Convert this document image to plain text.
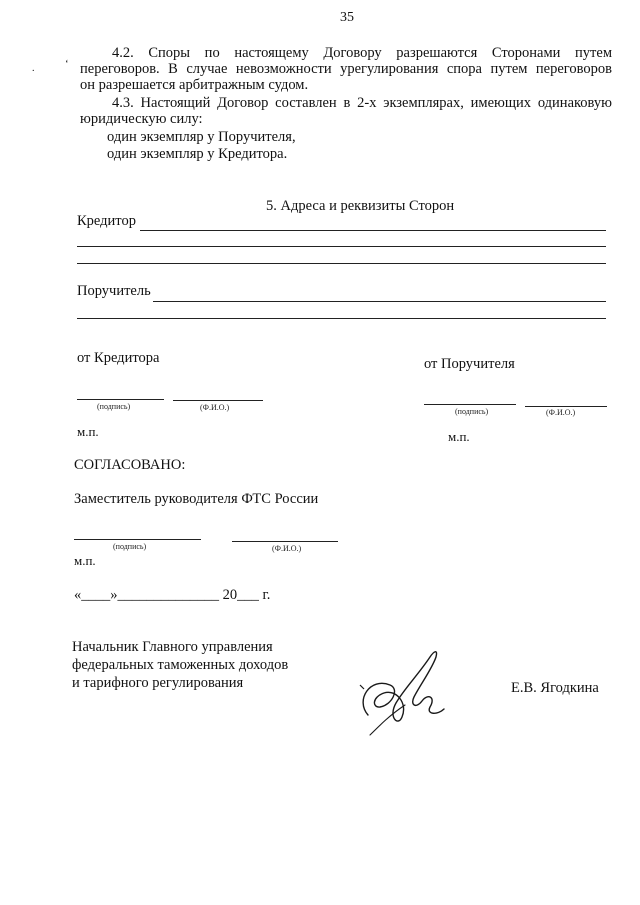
35
.	‘
4.2. Споры по настоящему Договору разрешаются Сторонами путем
переговоров. В случае невозможности урегулирования спора путем переговоров
он разрешается арбитражным судом.
4.3. Настоящий Договор составлен в 2-х экземплярах, имеющих одинаковую
юридическую силу:
один экземпляр у Поручителя,
один экземпляр у Кредитора.
5. Адреса и реквизиты Сторон
Кредитор
Поручитель
от Кредитора	от Поручителя
(подпись)	(Ф.И.О.)	(подпись)	(Ф.И.О.)
м.п.	м.п.
СОГЛАСОВАНО:
Заместитель руководителя ФТС России
(подпись)	(Ф.И.О.)
м.п.
«____»______________ 20___ г.
Начальник Главного управления
федеральных таможенных доходов
и тарифного регулирования	Е.В. Ягодкина
